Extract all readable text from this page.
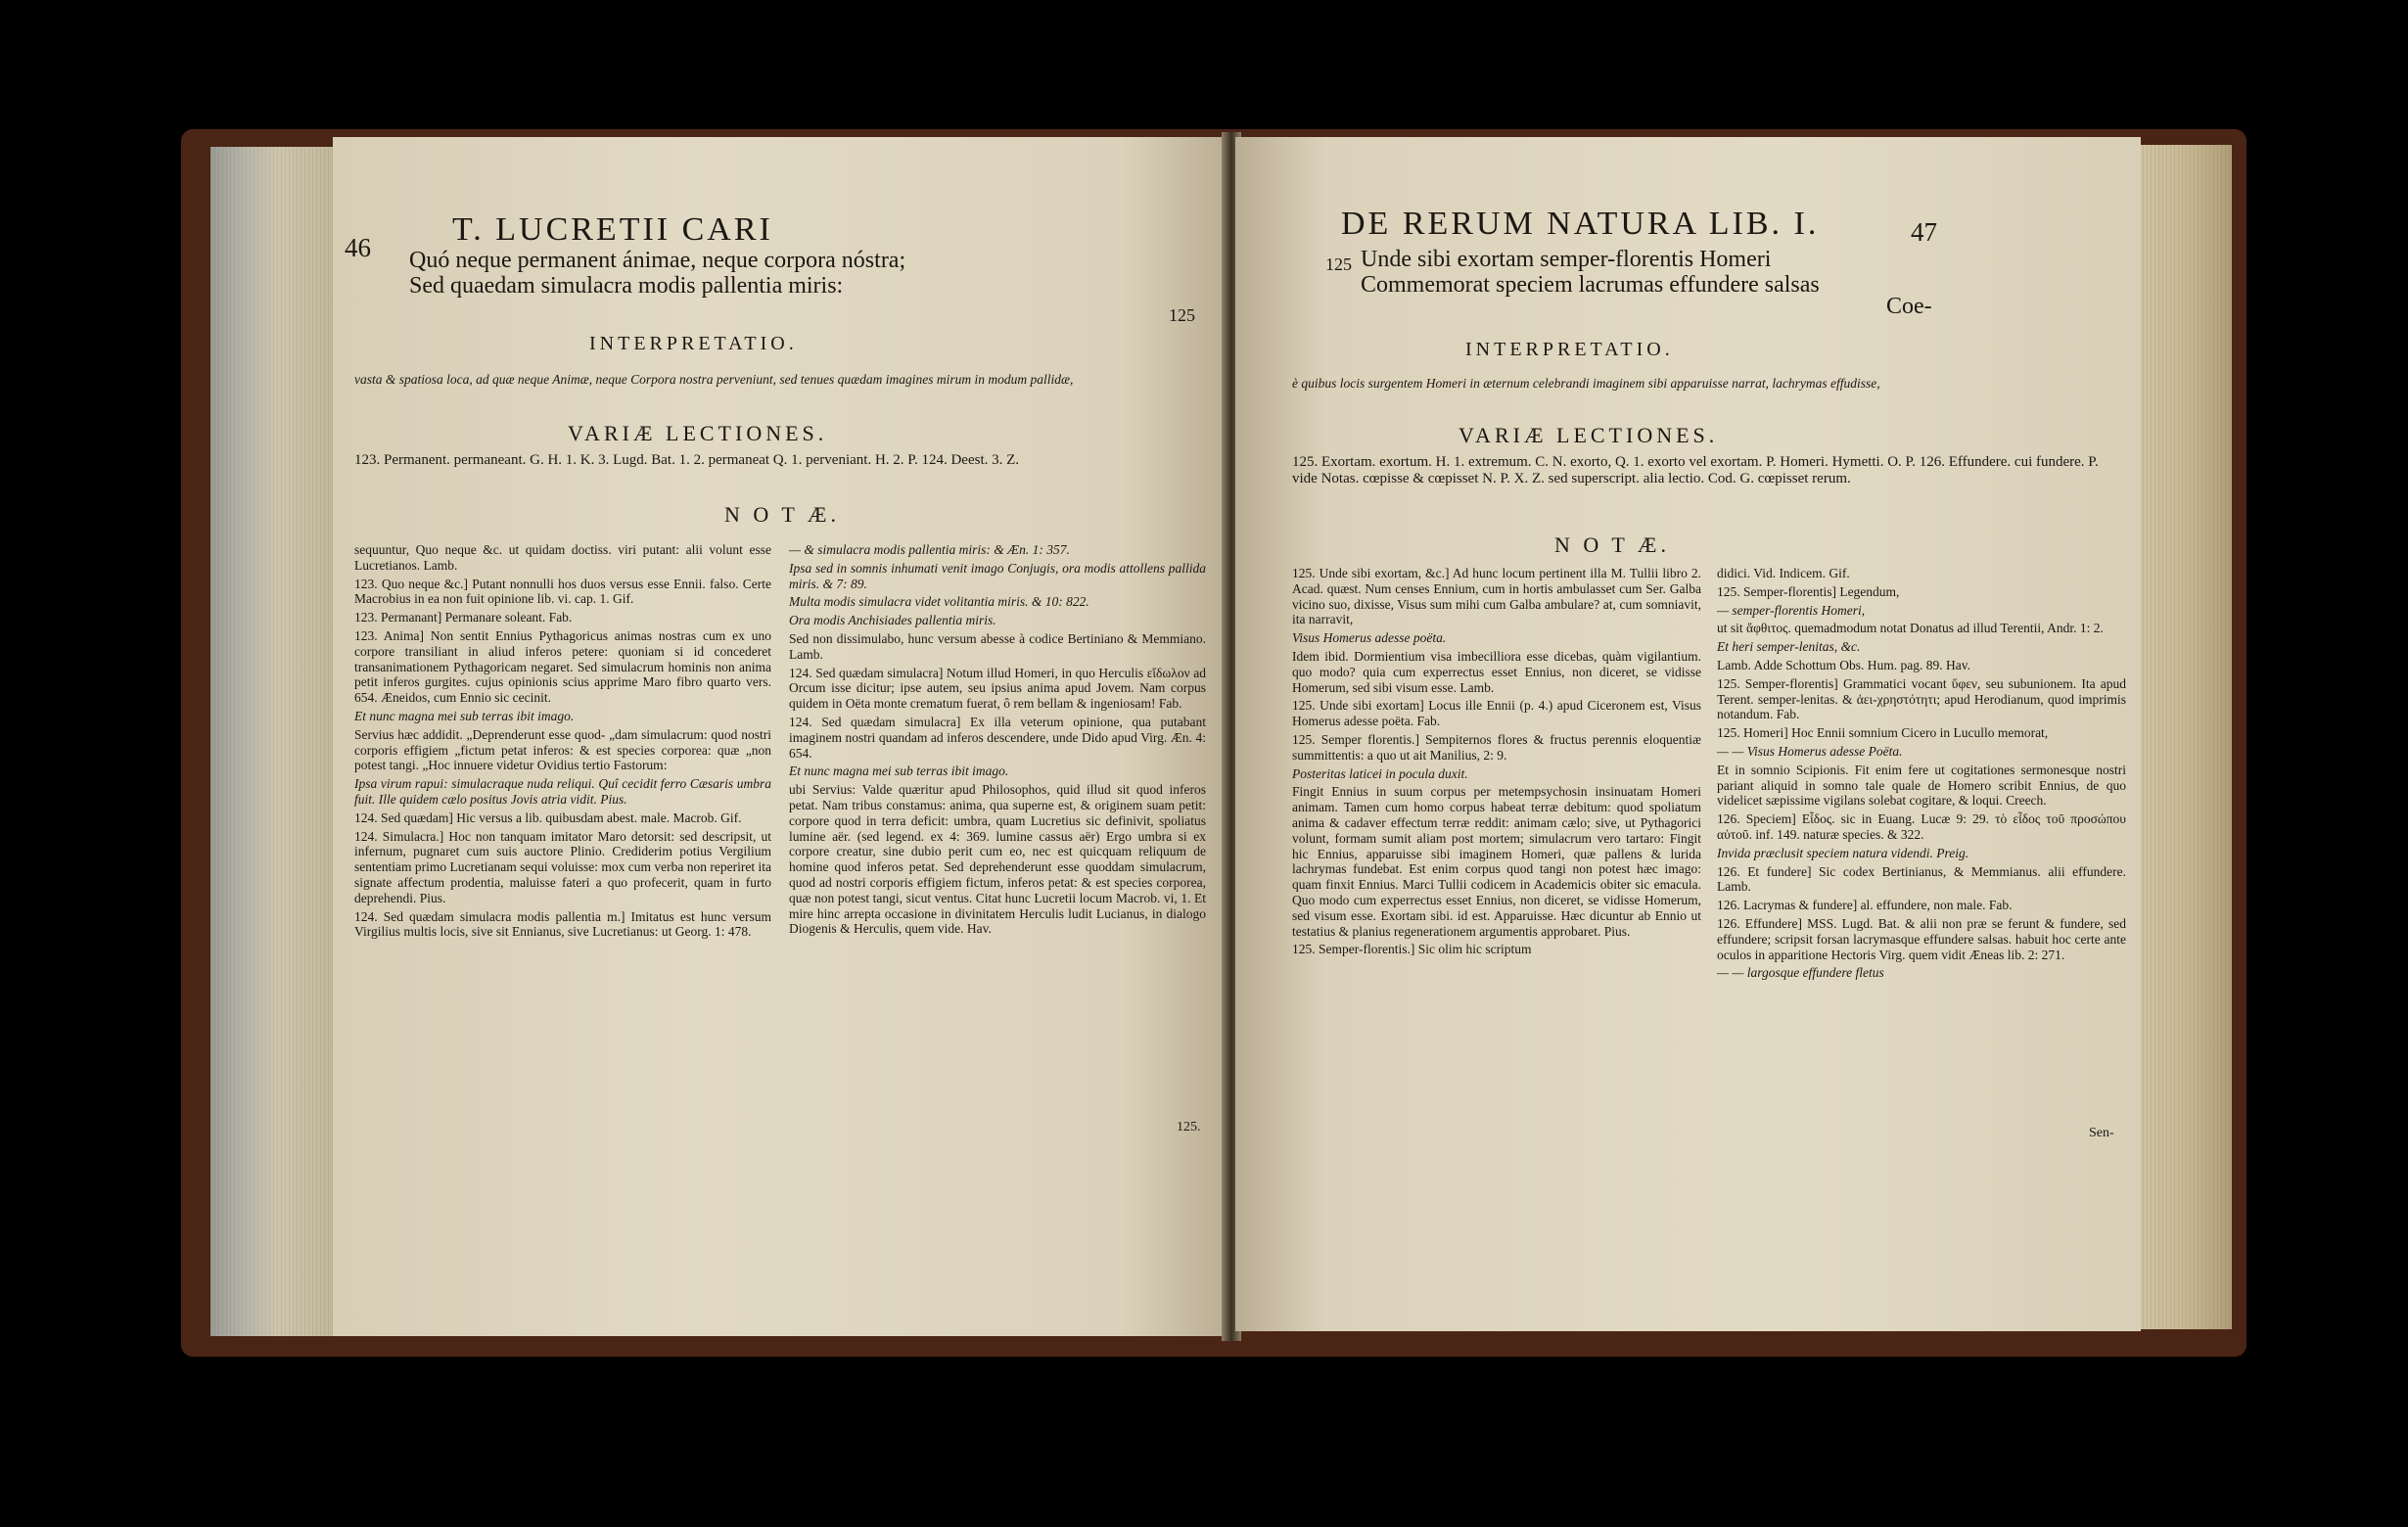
46 T. LUCRETII CARI
Quó neque permanent ánimae, neque corpora nóstra;
Sed quaedam simulacra modis pallentia miris:
125
INTERPRETATIO.
vasta & spatiosa loca, ad quæ neque Animæ, neque Corpora nostra perveniunt, sed tenues quædam imagines mirum in modum pallidæ,
VARIÆ LECTIONES.
123. Permanent. permaneant. G. H. 1. K. 3. Lugd. Bat. 1. 2. permaneat Q. 1. perveniant. H. 2. P. 124. Deest. 3. Z.
N O T Æ.

sequuntur, Quo neque &c. ut quidam doctiss. viri putant: alii volunt esse Lucretianos. Lamb.

123. Quo neque &c.] Putant nonnulli hos duos versus esse Ennii. falso. Certe Macrobius in ea non fuit opinione lib. vi. cap. 1. Gif.

123. Permanant] Permanare soleant. Fab.

123. Anima] Non sentit Ennius Pythagoricus animas nostras cum ex uno corpore transiliant in aliud inferos petere: quoniam si id concederet transanimationem Pythagoricam negaret. Sed simulacrum hominis non anima petit inferos gurgites. cujus opinionis scius apprime Maro fibro quarto vers. 654. Æneidos, cum Ennio sic cecinit.

Et nunc magna mei sub terras ibit imago.

Servius hæc addidit. „Deprenderunt esse quod- „dam simulacrum: quod nostri corporis effigiem „fictum petat inferos: & est species corporea: quæ „non potest tangi. „Hoc innuere videtur Ovidius tertio Fastorum:

Ipsa virum rapui: simulacraque nuda reliqui. Quî cecidit ferro Cæsaris umbra fuit. Ille quidem cælo positus Jovis atria vidit. Pius.

124. Sed quædam] Hic versus a lib. quibusdam abest. male. Macrob. Gif.

124. Simulacra.] Hoc non tanquam imitator Maro detorsit: sed descripsit, ut infernum, pugnaret cum suis auctore Plinio. Crediderim potius Vergilium sententiam primo Lucretianam sequi voluisse: mox cum verba non reperiret ita signate affectum prodentia, maluisse fateri a quo profecerit, quam in furto deprehendi. Pius.

124. Sed quædam simulacra modis pallentia m.] Imitatus est hunc versum Virgilius multis locis, sive sit Ennianus, sive Lucretianus: ut Georg. 1: 478.

— & simulacra modis pallentia miris: & Æn. 1: 357.

Ipsa sed in somnis inhumati venit imago Conjugis, ora modis attollens pallida miris. & 7: 89.

Multa modis simulacra videt volitantia miris. & 10: 822.

Ora modis Anchisiades pallentia miris.

Sed non dissimulabo, hunc versum abesse à codice Bertiniano & Memmiano. Lamb.

124. Sed quædam simulacra] Notum illud Homeri, in quo Herculis εἴδωλον ad Orcum isse dicitur; ipse autem, seu ipsius anima apud Jovem. Nam corpus quidem in Oëta monte crematum fuerat, ô rem bellam & ingeniosam! Fab.

124. Sed quædam simulacra] Ex illa veterum opinione, qua putabant imaginem nostri quandam ad inferos descendere, unde Dido apud Virg. Æn. 4: 654.

Et nunc magna mei sub terras ibit imago.

ubi Servius: Valde quæritur apud Philosophos, quid illud sit quod inferos petat. Nam tribus constamus: anima, qua superne est, & originem suam petit: corpore quod in terra deficit: umbra, quam Lucretius sic definivit, spoliatus lumine aër. (sed legend. ex 4: 369. lumine cassus aër) Ergo umbra si ex corpore creatur, sine dubio perit cum eo, nec est quicquam reliquum de homine quod inferos petat. Sed deprehenderunt esse quoddam simulacrum, quod ad nostri corporis effigiem fictum, inferos petat: & est species corporea, quæ non potest tangi, sicut ventus. Citat hunc Lucretii locum Macrob. vi, 1. Et mire hinc arrepta occasione in divinitatem Herculis ludit Lucianus, in dialogo Diogenis & Herculis, quem vide. Hav.

125.
DE RERUM NATURA LIB. I.	47
125 Unde sibi exortam semper-florentis Homeri
Commemorat speciem lacrumas effundere salsas
Coe-
INTERPRETATIO.
è quibus locis surgentem Homeri in æternum celebrandi imaginem sibi apparuisse narrat, lachrymas effudisse,
VARIÆ LECTIONES.
125. Exortam. exortum. H. 1. extremum. C. N. exorto, Q. 1. exorto vel exortam. P. Homeri. Hymetti. O. P. 126. Effundere. cui fundere. P. vide Notas. cœpisse & cœpisset N. P. X. Z. sed superscript. alia lectio. Cod. G. cœpisset rerum.
N O T Æ.

125. Unde sibi exortam, &c.] Ad hunc locum pertinent illa M. Tullii libro 2. Acad. quæst. Num censes Ennium, cum in hortis ambulasset cum Ser. Galba vicino suo, dixisse, Visus sum mihi cum Galba ambulare? at, cum somniavit, ita narravit,

Visus Homerus adesse poëta.

Idem ibid. Dormientium visa imbecilliora esse dicebas, quàm vigilantium. quo modo? quia cum experrectus esset Ennius, non diceret, se vidisse Homerum, sed sibi visum esse. Lamb.

125. Unde sibi exortam] Locus ille Ennii (p. 4.) apud Ciceronem est, Visus Homerus adesse poëta. Fab.

125. Semper florentis.] Sempiternos flores & fructus perennis eloquentiæ summittentis: a quo ut ait Manilius, 2: 9.

Posteritas laticei in pocula duxit.

Fingit Ennius in suum corpus per metempsychosin insinuatam Homeri animam. Tamen cum homo corpus habeat terræ debitum: quod spoliatum anima & cadaver effectum terræ reddit: animam cælo; sive, ut Pythagorici volunt, formam sumit aliam post mortem; simulacrum vero tartaro: Fingit hic Ennius, apparuisse sibi imaginem Homeri, quæ pallens & lurida lachrymas fundebat. Est enim corpus quod tangi non potest hæc imago: quam finxit Ennius. Marci Tullii codicem in Academicis obiter sic emacula. Quo modo cum experrectus esset Ennius, non diceret, se vidisse Homerum, sed visum esse. Exortam sibi. id est. Apparuisse. Hæc dicuntur ab Ennio ut testatius & planius regenerationem argumentis approbaret. Pius.

125. Semper-florentis.] Sic olim hic scriptum

didici. Vid. Indicem. Gif.

125. Semper-florentis] Legendum,

— semper-florentis Homeri,

ut sit ἄφθιτος. quemadmodum notat Donatus ad illud Terentii, Andr. 1: 2.

Et heri semper-lenitas, &c.

Lamb. Adde Schottum Obs. Hum. pag. 89. Hav.

125. Semper-florentis] Grammatici vocant ὕφεν, seu subunionem. Ita apud Terent. semper-lenitas. & ἀει-χρηστότητι; apud Herodianum, quod imprimis notandum. Fab.

125. Homeri] Hoc Ennii somnium Cicero in Lucullo memorat,

— — Visus Homerus adesse Poëta.

Et in somnio Scipionis. Fit enim fere ut cogitationes sermonesque nostri pariant aliquid in somno tale quale de Homero scribit Ennius, de quo videlicet sæpissime vigilans solebat cogitare, & loqui. Creech.

126. Speciem] Εἶδος. sic in Euang. Lucæ 9: 29. τὸ εἶδος τοῦ προσώπου αὐτοῦ. inf. 149. naturæ species. & 322.

Invida præclusit speciem natura videndi. Preig.

126. Et fundere] Sic codex Bertinianus, & Memmianus. alii effundere. Lamb.

126. Lacrymas & fundere] al. effundere, non male. Fab.

126. Effundere] MSS. Lugd. Bat. & alii non præ se ferunt & fundere, sed effundere; scripsit forsan lacrymasque effundere salsas. habuit hoc certe ante oculos in apparitione Hectoris Virg. quem vidit Æneas lib. 2: 271.

— — largosque effundere fletus

Sen-
